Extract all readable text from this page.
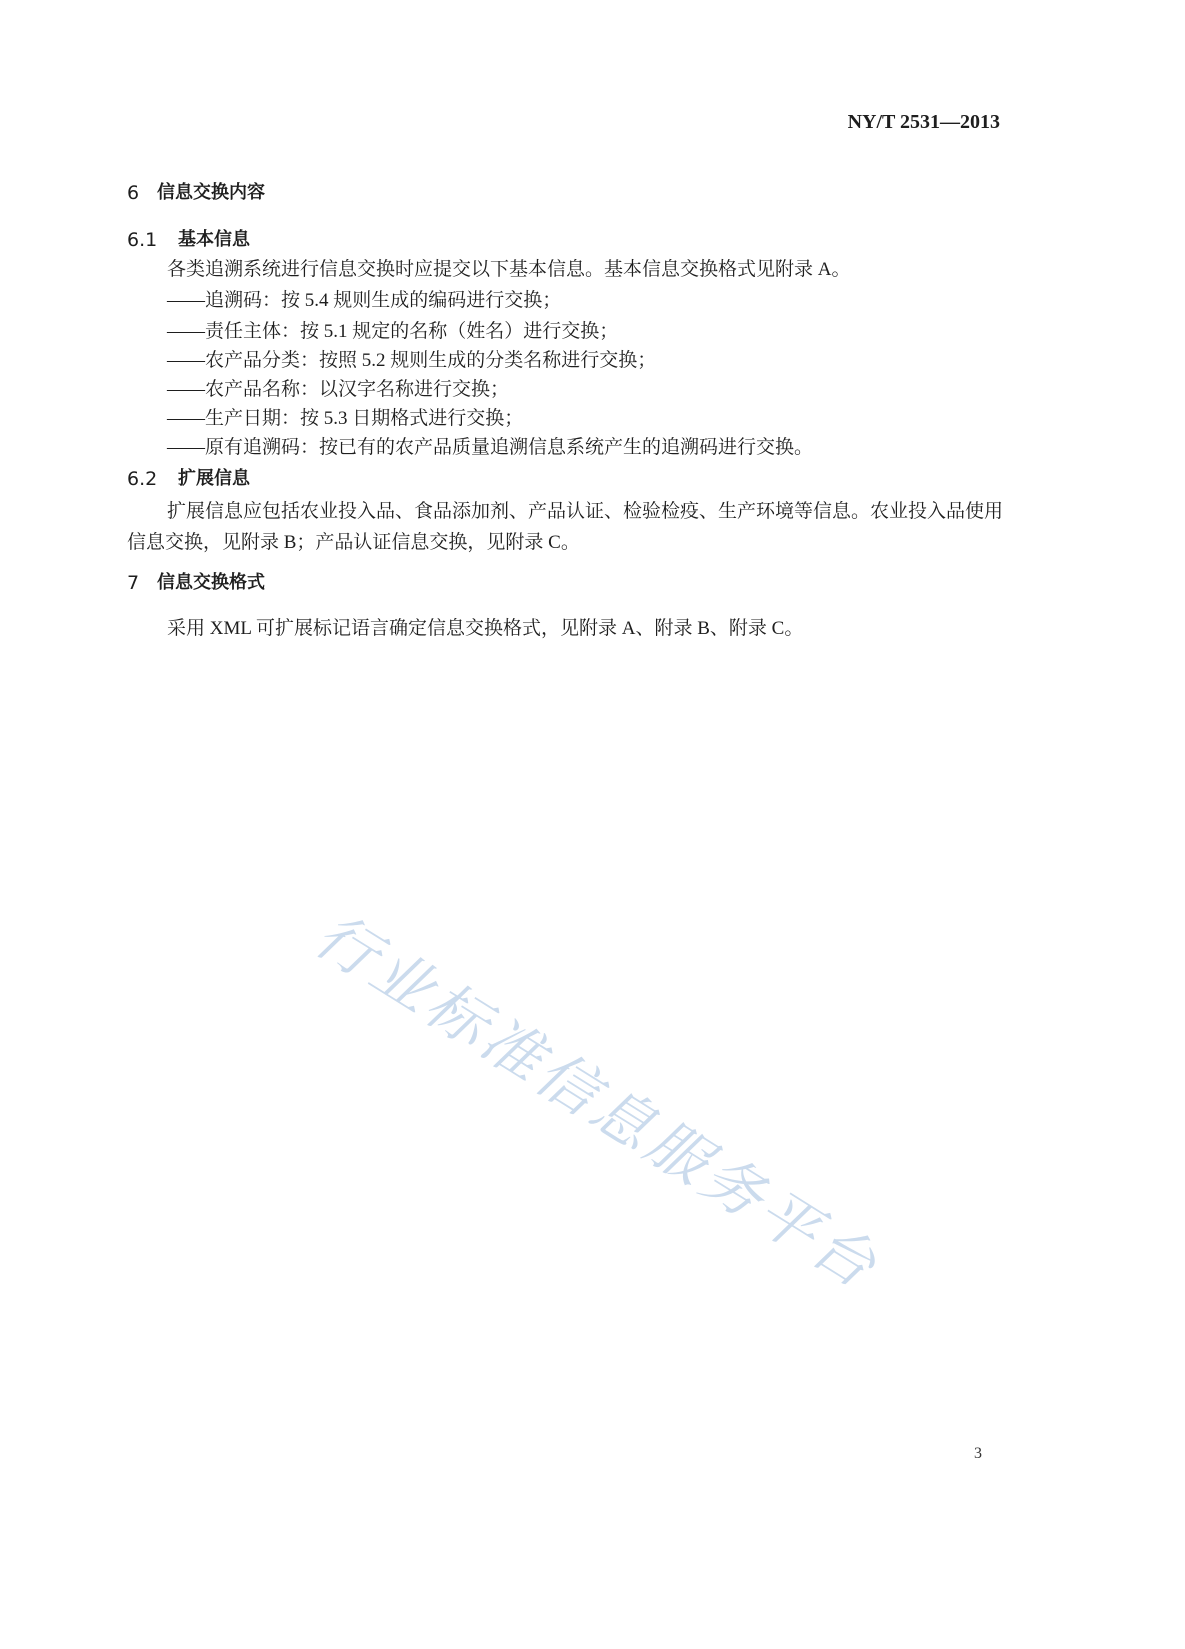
NY/T 2531—2013
6 信息交换内容
6.1 基本信息
各类追溯系统进行信息交换时应提交以下基本信息。基本信息交换格式见附录 A。
——追溯码：按 5.4 规则生成的编码进行交换；
——责任主体：按 5.1 规定的名称（姓名）进行交换；
——农产品分类：按照 5.2 规则生成的分类名称进行交换；
——农产品名称：以汉字名称进行交换；
——生产日期：按 5.3 日期格式进行交换；
——原有追溯码：按已有的农产品质量追溯信息系统产生的追溯码进行交换。
6.2 扩展信息
扩展信息应包括农业投入品、食品添加剂、产品认证、检验检疫、生产环境等信息。农业投入品使用
信息交换，见附录 B；产品认证信息交换，见附录 C。
7 信息交换格式
采用 XML 可扩展标记语言确定信息交换格式，见附录 A、附录 B、附录 C。
行业标准信息服务平台
3
